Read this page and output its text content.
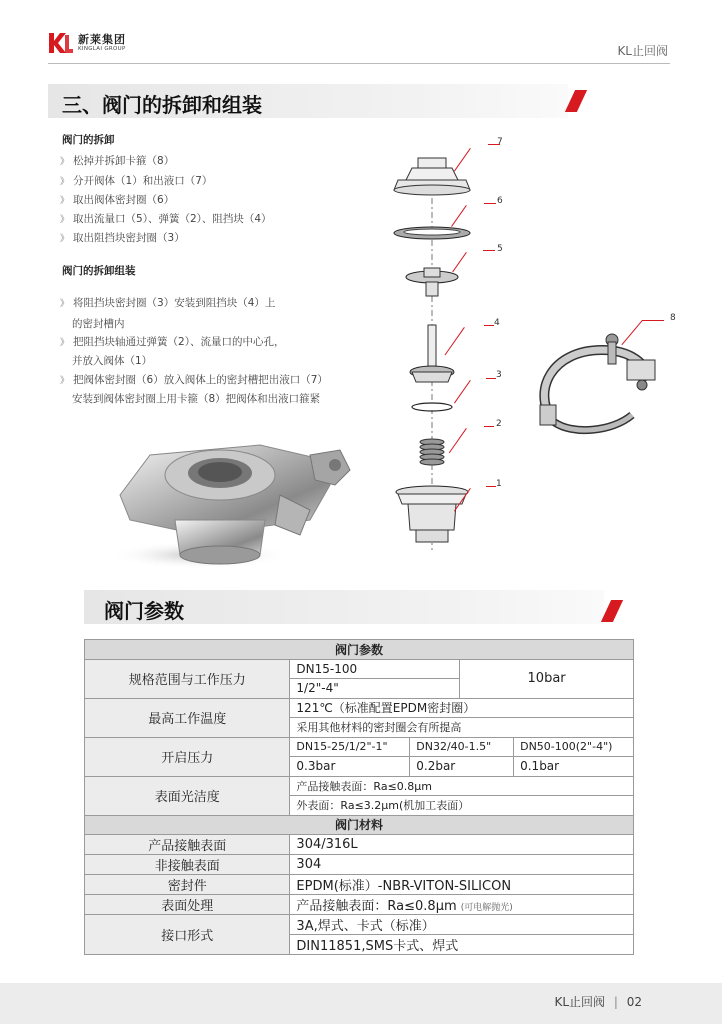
新莱集团
KINGLAI GROUP	KL止回阀
三、阀门的拆卸和组装
阀门的拆卸
》 松掉并拆卸卡箍（8）
》 分开阀体（1）和出液口（7）
》 取出阀体密封圈（6）
》 取出流量口（5）、弹簧（2）、阻挡块（4）
》 取出阻挡块密封圈（3）
阀门的拆卸组装
》 将阻挡块密封圈（3）安装到阻挡块（4）上
的密封槽内
》 把阻挡块轴通过弹簧（2）、流量口的中心孔，
并放入阀体（1）
》 把阀体密封圈（6）放入阀体上的密封槽把出液口（7）
安装到阀体密封圈上用卡箍（8）把阀体和出液口箍紧
7
6
5
4
3
2
1
8
阀门参数
阀门参数				
规格范围与工作压力	DN15-100		10bar	
	1/2"-4"			
最高工作温度	121℃（标准配置EPDM密封圈）			
	采用其他材料的密封圈会有所提高			
开启压力	DN15-25/1/2"-1"	DN32/40-1.5"		DN50-100(2"-4")
	0.3bar	0.2bar		0.1bar
表面光洁度	产品接触表面：Ra≤0.8μm			
	外表面：Ra≤3.2μm(机加工表面）			
阀门材料				
产品接触表面	304/316L			
非接触表面	304			
密封件	EPDM(标准）-NBR-VITON-SILICON			
表面处理	产品接触表面：Ra≤0.8μm (可电解抛光)			
接口形式	3A,焊式、卡式（标准）			
	DIN11851,SMS卡式、焊式			
KL止回阀 | 02
